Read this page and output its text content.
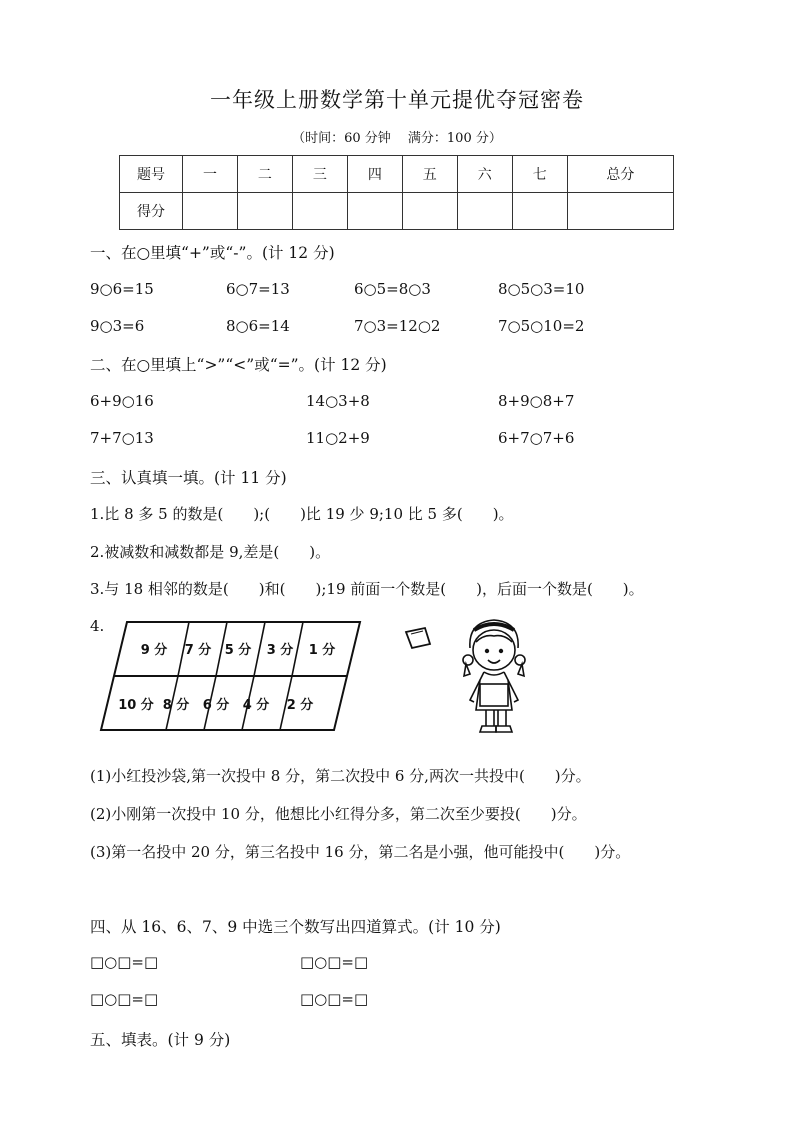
一年级上册数学第十单元提优夺冠密卷
（时间：60 分钟　 满分：100 分）
题号	一	二	三	四	五	六	七	总分
得分								
一、在○里填“+”或“-”。(计 12 分)
9○6=15	6○7=13	6○5=8○3	8○5○3=10
9○3=6	8○6=14	7○3=12○2	7○5○10=2
二、在○里填上“>”“<”或“=”。(计 12 分)
6+9○16	14○3+8	8+9○8+7
7+7○13	11○2+9	6+7○7+6
三、认真填一填。(计 11 分)
1.比 8 多 5 的数是(　　);(　　)比 19 少 9;10 比 5 多(　　)。
2.被减数和减数都是 9,差是(　　)。
3.与 18 相邻的数是(　　)和(　　);19 前面一个数是(　　)，后面一个数是(　　)。
4.
9 分 7 分 5 分 3 分 1 分
10 分 8 分 6 分 4 分 2 分
(1)小红投沙袋,第一次投中 8 分，第二次投中 6 分,两次一共投中(　　)分。
(2)小刚第一次投中 10 分，他想比小红得分多，第二次至少要投(　　)分。
(3)第一名投中 20 分，第三名投中 16 分，第二名是小强，他可能投中(　　)分。
四、从 16、6、7、9 中选三个数写出四道算式。(计 10 分)
□○□=□	□○□=□
□○□=□	□○□=□
五、填表。(计 9 分)
